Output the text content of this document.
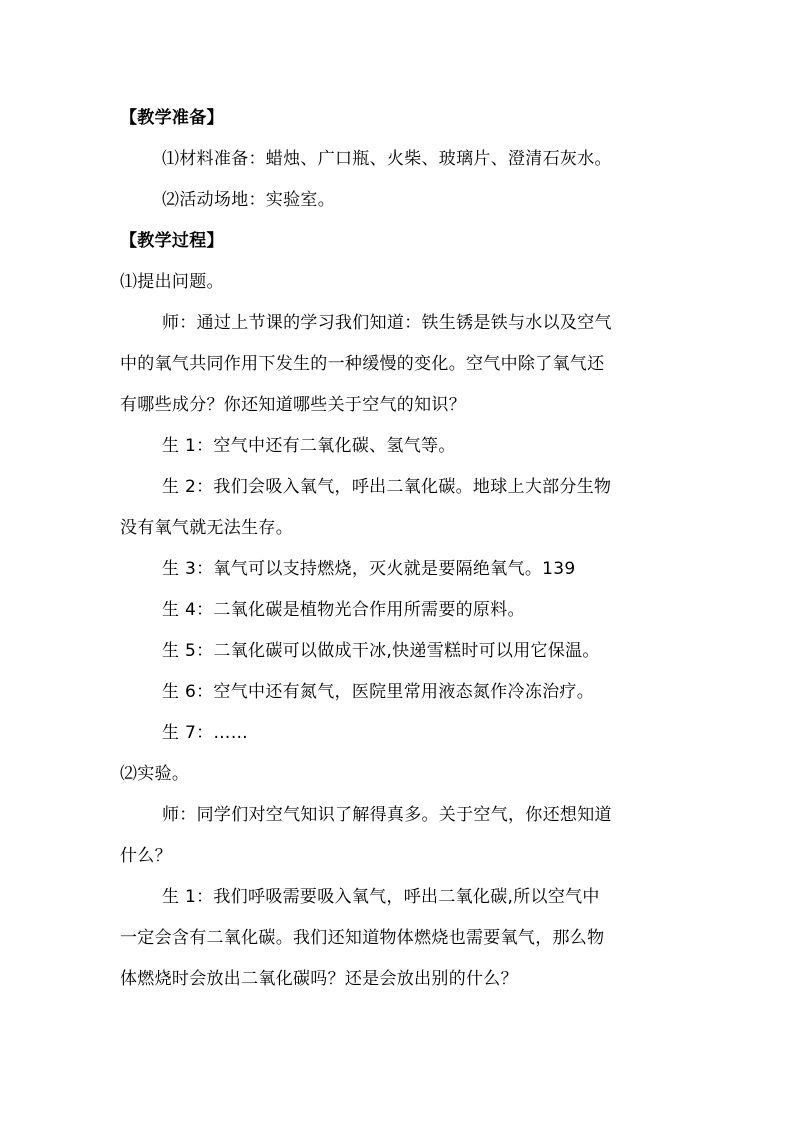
【教学准备】
⑴材料准备：蜡烛、广口瓶、火柴、玻璃片、澄清石灰水。
⑵活动场地：实验室。
【教学过程】
⑴提出问题。
师：通过上节课的学习我们知道：铁生锈是铁与水以及空气
中的氧气共同作用下发生的一种缓慢的变化。空气中除了氧气还
有哪些成分？你还知道哪些关于空气的知识？
生 1：空气中还有二氧化碳、氢气等。
生 2：我们会吸入氧气，呼出二氧化碳。地球上大部分生物
没有氧气就无法生存。
生 3：氧气可以支持燃烧，灭火就是要隔绝氧气。139
生 4：二氧化碳是植物光合作用所需要的原料。
生 5：二氧化碳可以做成干冰,快递雪糕时可以用它保温。
生 6：空气中还有氮气，医院里常用液态氮作冷冻治疗。
生 7：……
⑵实验。
师：同学们对空气知识了解得真多。关于空气，你还想知道
什么？
生 1：我们呼吸需要吸入氧气，呼出二氧化碳,所以空气中
一定会含有二氧化碳。我们还知道物体燃烧也需要氧气，那么物
体燃烧时会放出二氧化碳吗？还是会放出别的什么？
